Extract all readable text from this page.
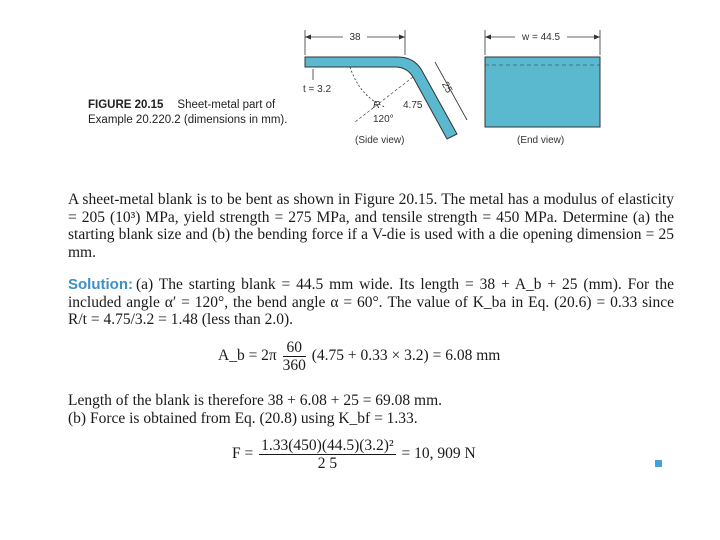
38
t = 3.2
R 4.75
120°
25
(Side view)
w = 44.5
(End view)
FIGURE 20.15 Sheet-metal part of Example 20.220.2 (dimensions in mm).
A sheet-metal blank is to be bent as shown in Figure 20.15. The metal has a modulus of elasticity = 205 (10³) MPa, yield strength = 275 MPa, and tensile strength = 450 MPa. Determine (a) the starting blank size and (b) the bending force if a V-die is used with a die opening dimension = 25 mm.
Solution: (a) The starting blank = 44.5 mm wide. Its length = 38 + A_b + 25 (mm). For the included angle α′ = 120°, the bend angle α = 60°. The value of K_ba in Eq. (20.6) = 0.33 since R/t = 4.75/3.2 = 1.48 (less than 2.0).
A_b = $2\pi \frac{60}{360} (4.75 + 0.33 \times 3.2) = 6.08$ mm
Length of the blank is therefore 38 + 6.08 + 25 = 69.08 mm.
(b) Force is obtained from Eq. (20.8) using K_bf = 1.33.
$F = \frac{\text{1.33(450)(44.5)(3.2)²}}{2 5} = 10$, 909 N
